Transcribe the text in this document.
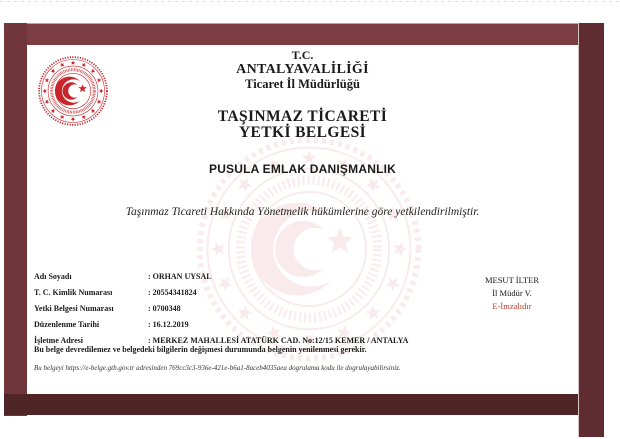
T.C.
ANTALYAVALİLİĞİ
Ticaret İl Müdürlüğü
TAŞINMAZ TİCARETİ
YETKİ BELGESİ
PUSULA EMLAK DANIŞMANLIK
Taşınmaz Ticareti Hakkında Yönetmelik hükümlerine göre yetkilendirilmiştir.
Adı Soyadı	: ORHAN UYSAL
T. C. Kimlik Numarası	: 20554341824
Yetki Belgesi Numarası	: 0700348
Düzenlenme Tarihi	: 16.12.2019
İşletme Adresi	: MERKEZ MAHALLESİ ATATÜRK CAD. No:12/15 KEMER / ANTALYA
Bu belge devredilemez ve belgedeki bilgilerin değişmesi durumunda belgenin yenilenmesi gerekir.
Bu belgeyi https://e-belge.gtb.gov.tr adresinden 769cc3c3-936e-421e-b6a1-8aceb4035aea dogrulama kodu ile dogrulayabilirsiniz.
MESUT İLTER
İl Müdür V.
E-İmzalıdır
